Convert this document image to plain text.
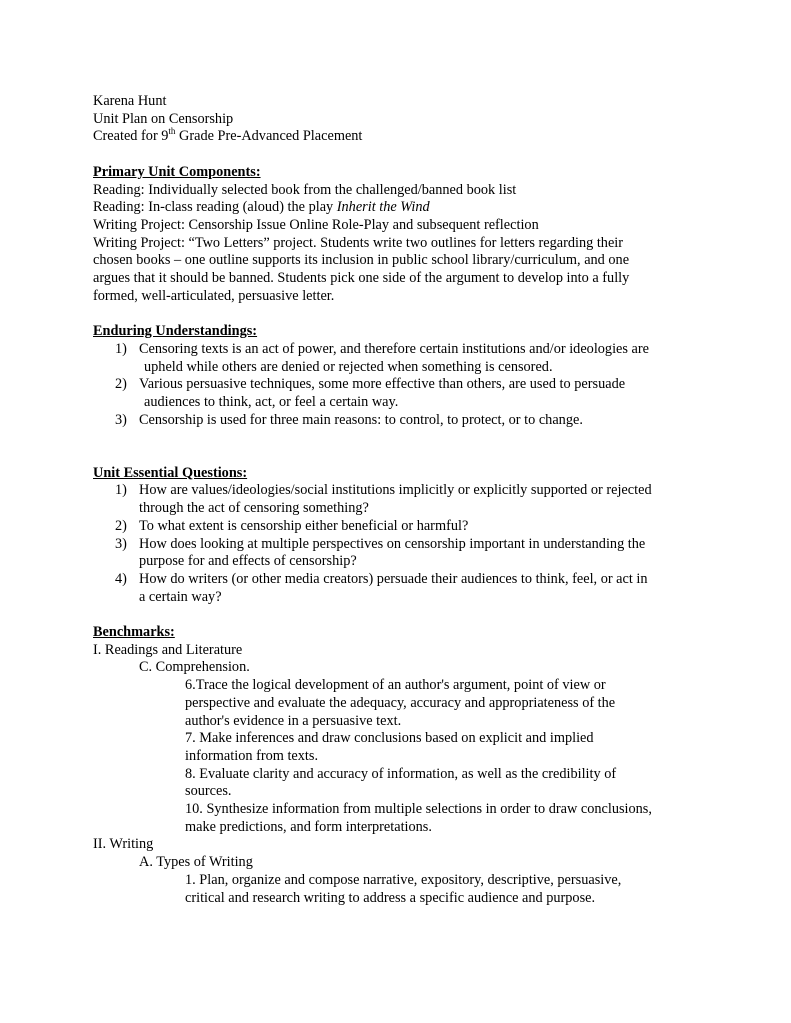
Karena Hunt

Unit Plan on Censorship

Created for 9th Grade Pre-Advanced Placement

Primary Unit Components:

Reading: Individually selected book from the challenged/banned book list

Reading: In-class reading (aloud) the play Inherit the Wind

Writing Project: Censorship Issue Online Role-Play and subsequent reflection

Writing Project: “Two Letters” project. Students write two outlines for letters regarding their

chosen books – one outline supports its inclusion in public school library/curriculum, and one

argues that it should be banned. Students pick one side of the argument to develop into a fully

formed, well-articulated, persuasive letter.

Enduring Understandings:

1) Censoring texts is an act of power, and therefore certain institutions and/or ideologies are
upheld while others are denied or rejected when something is censored.
2) Various persuasive techniques, some more effective than others, are used to persuade
audiences to think, act, or feel a certain way.
3) Censorship is used for three main reasons: to control, to protect, or to change.

Unit Essential Questions:

1) How are values/ideologies/social institutions implicitly or explicitly supported or rejected
through the act of censoring something?
2) To what extent is censorship either beneficial or harmful?
3) How does looking at multiple perspectives on censorship important in understanding the
purpose for and effects of censorship?
4) How do writers (or other media creators) persuade their audiences to think, feel, or act in
a certain way?

Benchmarks:

I. Readings and Literature

C. Comprehension.

6.Trace the logical development of an author's argument, point of view or

perspective and evaluate the adequacy, accuracy and appropriateness of the

author's evidence in a persuasive text.

7. Make inferences and draw conclusions based on explicit and implied

information from texts.

8. Evaluate clarity and accuracy of information, as well as the credibility of

sources.

10. Synthesize information from multiple selections in order to draw conclusions,

make predictions, and form interpretations.

II. Writing

A. Types of Writing

1. Plan, organize and compose narrative, expository, descriptive, persuasive,

critical and research writing to address a specific audience and purpose.
